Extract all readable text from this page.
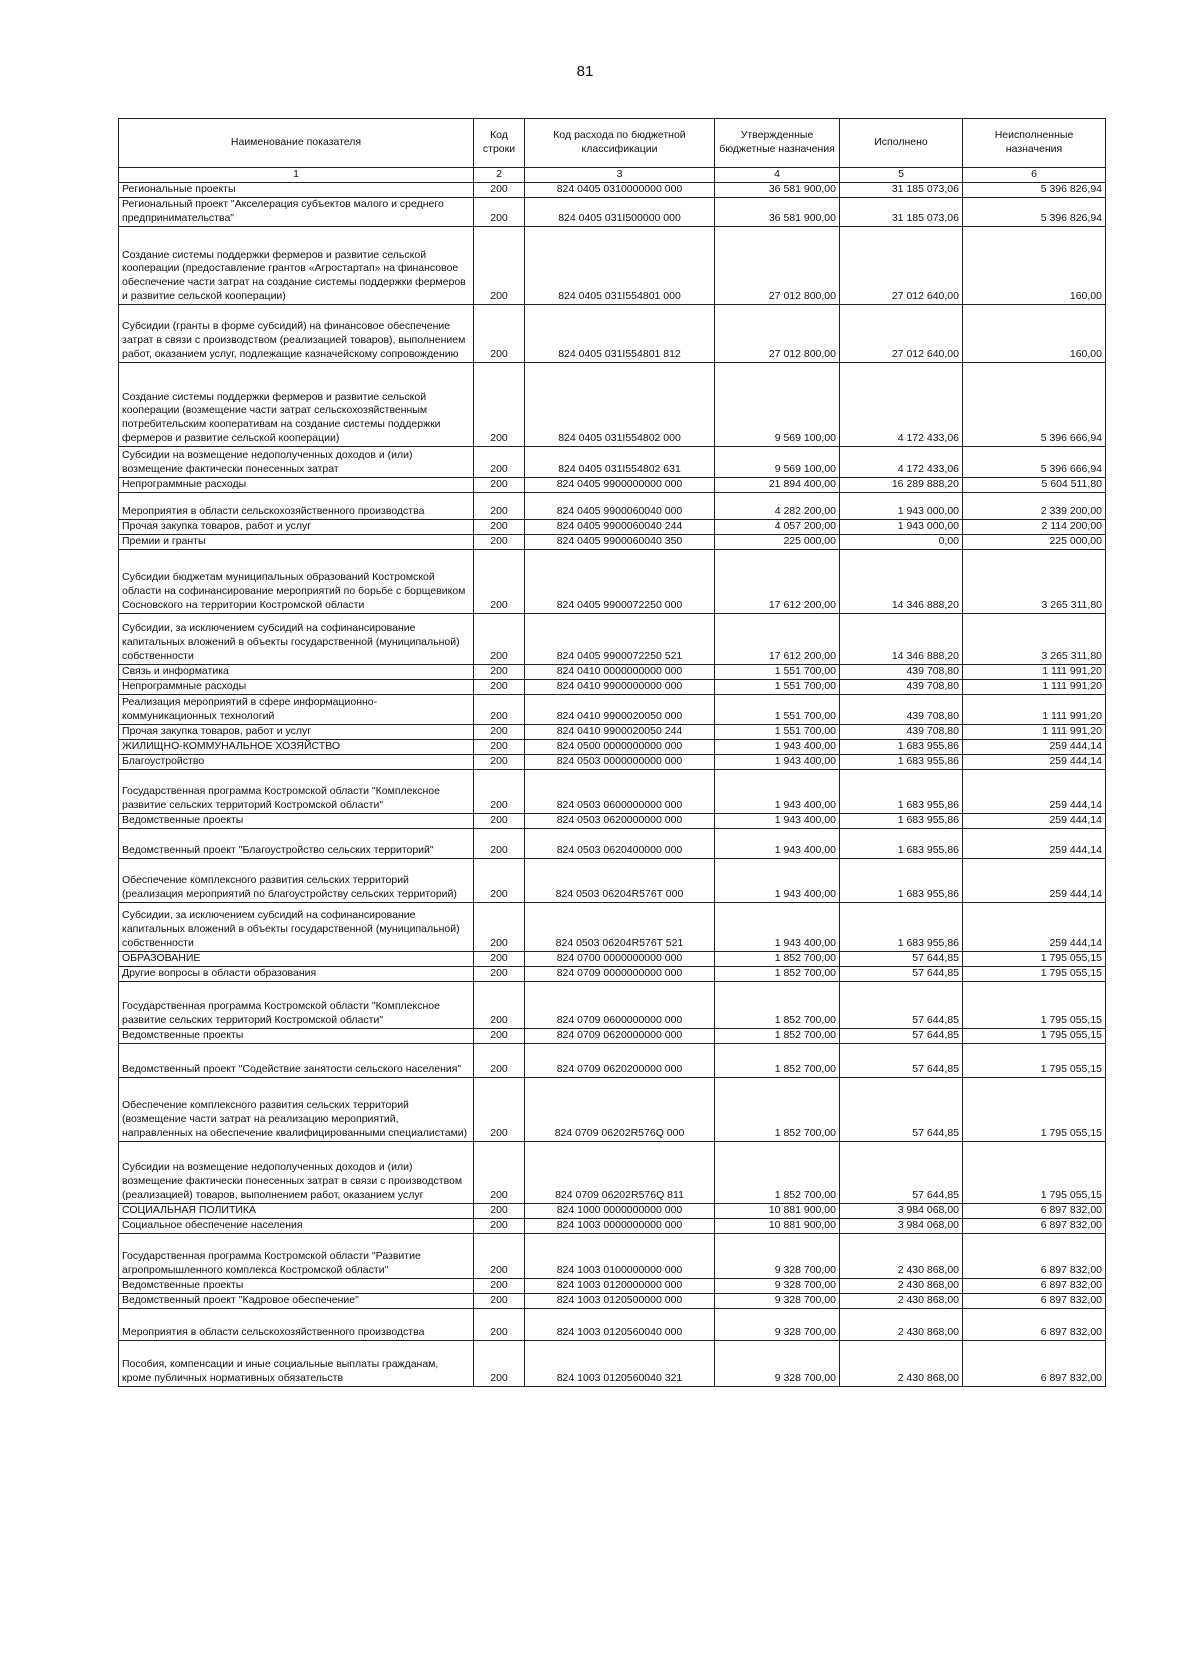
81
Наименование показателя	Код строки	Код расхода по бюджетной классификации	Утвержденные бюджетные назначения	Исполнено	Неисполненные назначения
1	2	3	4	5	6
Региональные проекты	200	824 0405 0310000000 000	36 581 900,00	31 185 073,06	5 396 826,94
Региональный проект "Акселерация субъектов малого и среднего предпринимательства"	200	824 0405 031I500000 000	36 581 900,00	31 185 073,06	5 396 826,94
Создание системы поддержки фермеров и развитие сельской кооперации (предоставление грантов «Агростартап» на финансовое обеспечение части затрат на создание системы поддержки фермеров и развитие сельской кооперации)	200	824 0405 031I554801 000	27 012 800,00	27 012 640,00	160,00
Субсидии (гранты в форме субсидий) на финансовое обеспечение затрат в связи с производством (реализацией товаров), выполнением работ, оказанием услуг, подлежащие казначейскому сопровождению	200	824 0405 031I554801 812	27 012 800,00	27 012 640,00	160,00
Создание системы поддержки фермеров и развитие сельской кооперации (возмещение части затрат сельскохозяйственным потребительским кооперативам на создание системы поддержки фермеров и развитие сельской кооперации)	200	824 0405 031I554802 000	9 569 100,00	4 172 433,06	5 396 666,94
Субсидии на возмещение недополученных доходов и (или) возмещение фактически понесенных затрат	200	824 0405 031I554802 631	9 569 100,00	4 172 433,06	5 396 666,94
Непрограммные расходы	200	824 0405 9900000000 000	21 894 400,00	16 289 888,20	5 604 511,80
Мероприятия в области сельскохозяйственного производства	200	824 0405 9900060040 000	4 282 200,00	1 943 000,00	2 339 200,00
Прочая закупка товаров, работ и услуг	200	824 0405 9900060040 244	4 057 200,00	1 943 000,00	2 114 200,00
Премии и гранты	200	824 0405 9900060040 350	225 000,00	0,00	225 000,00
Субсидии бюджетам муниципальных образований Костромской области на софинансирование мероприятий по борьбе с борщевиком Сосновского на территории Костромской области	200	824 0405 9900072250 000	17 612 200,00	14 346 888,20	3 265 311,80
Субсидии, за исключением субсидий на софинансирование капитальных вложений в объекты государственной (муниципальной) собственности	200	824 0405 9900072250 521	17 612 200,00	14 346 888,20	3 265 311,80
Связь и информатика	200	824 0410 0000000000 000	1 551 700,00	439 708,80	1 111 991,20
Непрограммные расходы	200	824 0410 9900000000 000	1 551 700,00	439 708,80	1 111 991,20
Реализация мероприятий в сфере информационно-коммуникационных технологий	200	824 0410 9900020050 000	1 551 700,00	439 708,80	1 111 991,20
Прочая закупка товаров, работ и услуг	200	824 0410 9900020050 244	1 551 700,00	439 708,80	1 111 991,20
ЖИЛИЩНО-КОММУНАЛЬНОЕ ХОЗЯЙСТВО	200	824 0500 0000000000 000	1 943 400,00	1 683 955,86	259 444,14
Благоустройство	200	824 0503 0000000000 000	1 943 400,00	1 683 955,86	259 444,14
Государственная программа Костромской области "Комплексное развитие сельских территорий Костромской области"	200	824 0503 0600000000 000	1 943 400,00	1 683 955,86	259 444,14
Ведомственные проекты	200	824 0503 0620000000 000	1 943 400,00	1 683 955,86	259 444,14
Ведомственный проект "Благоустройство сельских территорий"	200	824 0503 0620400000 000	1 943 400,00	1 683 955,86	259 444,14
Обеспечение комплексного развития сельских территорий (реализация мероприятий по благоустройству сельских территорий)	200	824 0503 06204R576T 000	1 943 400,00	1 683 955,86	259 444,14
Субсидии, за исключением субсидий на софинансирование капитальных вложений в объекты государственной (муниципальной) собственности	200	824 0503 06204R576T 521	1 943 400,00	1 683 955,86	259 444,14
ОБРАЗОВАНИЕ	200	824 0700 0000000000 000	1 852 700,00	57 644,85	1 795 055,15
Другие вопросы в области образования	200	824 0709 0000000000 000	1 852 700,00	57 644,85	1 795 055,15
Государственная программа Костромской области "Комплексное развитие сельских территорий Костромской области"	200	824 0709 0600000000 000	1 852 700,00	57 644,85	1 795 055,15
Ведомственные проекты	200	824 0709 0620000000 000	1 852 700,00	57 644,85	1 795 055,15
Ведомственный проект "Содействие занятости сельского населения"	200	824 0709 0620200000 000	1 852 700,00	57 644,85	1 795 055,15
Обеспечение комплексного развития сельских территорий (возмещение части затрат на реализацию мероприятий, направленных на обеспечение квалифицированными специалистами)	200	824 0709 06202R576Q 000	1 852 700,00	57 644,85	1 795 055,15
Субсидии на возмещение недополученных доходов и (или) возмещение фактически понесенных затрат в связи с производством (реализацией) товаров, выполнением работ, оказанием услуг	200	824 0709 06202R576Q 811	1 852 700,00	57 644,85	1 795 055,15
СОЦИАЛЬНАЯ ПОЛИТИКА	200	824 1000 0000000000 000	10 881 900,00	3 984 068,00	6 897 832,00
Социальное обеспечение населения	200	824 1003 0000000000 000	10 881 900,00	3 984 068,00	6 897 832,00
Государственная программа Костромской области "Развитие агропромышленного комплекса Костромской области"	200	824 1003 0100000000 000	9 328 700,00	2 430 868,00	6 897 832,00
Ведомственные проекты	200	824 1003 0120000000 000	9 328 700,00	2 430 868,00	6 897 832,00
Ведомственный проект "Кадровое обеспечение"	200	824 1003 0120500000 000	9 328 700,00	2 430 868,00	6 897 832,00
Мероприятия в области сельскохозяйственного производства	200	824 1003 0120560040 000	9 328 700,00	2 430 868,00	6 897 832,00
Пособия, компенсации и иные социальные выплаты гражданам, кроме публичных нормативных обязательств	200	824 1003 0120560040 321	9 328 700,00	2 430 868,00	6 897 832,00
